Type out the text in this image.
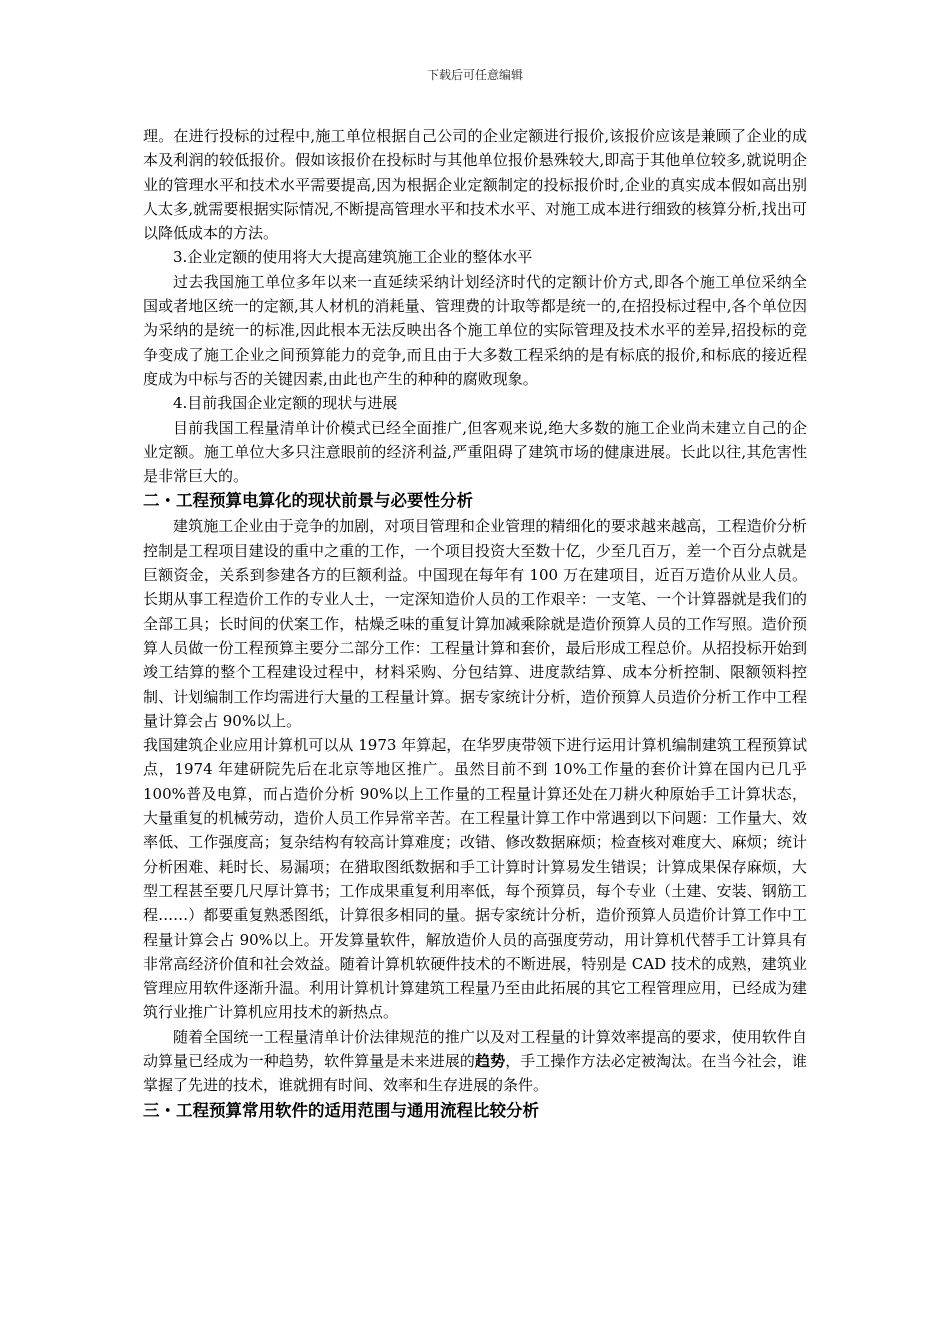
下载后可任意编辑

理。在进行投标的过程中,施工单位根据自己公司的企业定额进行报价,该报价应该是兼顾了企业的成本及利润的较低报价。假如该报价在投标时与其他单位报价悬殊较大,即高于其他单位较多,就说明企业的管理水平和技术水平需要提高,因为根据企业定额制定的投标报价时,企业的真实成本假如高出别人太多,就需要根据实际情况,不断提高管理水平和技术水平、对施工成本进行细致的核算分析,找出可以降低成本的方法。

3.企业定额的使用将大大提高建筑施工企业的整体水平

过去我国施工单位多年以来一直延续采纳计划经济时代的定额计价方式,即各个施工单位采纳全国或者地区统一的定额,其人材机的消耗量、管理费的计取等都是统一的,在招投标过程中,各个单位因为采纳的是统一的标准,因此根本无法反映出各个施工单位的实际管理及技术水平的差异,招投标的竞争变成了施工企业之间预算能力的竞争,而且由于大多数工程采纳的是有标底的报价,和标底的接近程度成为中标与否的关键因素,由此也产生的种种的腐败现象。

4.目前我国企业定额的现状与进展

目前我国工程量清单计价模式已经全面推广,但客观来说,绝大多数的施工企业尚未建立自己的企业定额。施工单位大多只注意眼前的经济利益,严重阻碍了建筑市场的健康进展。长此以往,其危害性是非常巨大的。

二・工程预算电算化的现状前景与必要性分析

建筑施工企业由于竞争的加剧，对项目管理和企业管理的精细化的要求越来越高，工程造价分析控制是工程项目建设的重中之重的工作，一个项目投资大至数十亿，少至几百万，差一个百分点就是巨额资金，关系到参建各方的巨额利益。中国现在每年有 100 万在建项目，近百万造价从业人员。长期从事工程造价工作的专业人士，一定深知造价人员的工作艰辛：一支笔、一个计算器就是我们的全部工具；长时间的伏案工作，枯燥乏味的重复计算加减乘除就是造价预算人员的工作写照。造价预算人员做一份工程预算主要分二部分工作：工程量计算和套价，最后形成工程总价。从招投标开始到竣工结算的整个工程建设过程中，材料采购、分包结算、进度款结算、成本分析控制、限额领料控制、计划编制工作均需进行大量的工程量计算。据专家统计分析，造价预算人员造价分析工作中工程量计算会占 90%以上。

我国建筑企业应用计算机可以从 1973 年算起，在华罗庚带领下进行运用计算机编制建筑工程预算试点，1974 年建研院先后在北京等地区推广。虽然目前不到 10%工作量的套价计算在国内已几乎 100%普及电算，而占造价分析 90%以上工作量的工程量计算还处在刀耕火种原始手工计算状态，大量重复的机械劳动，造价人员工作异常辛苦。在工程量计算工作中常遇到以下问题：工作量大、效率低、工作强度高；复杂结构有较高计算难度；改错、修改数据麻烦；检查核对难度大、麻烦；统计分析困难、耗时长、易漏项；在猎取图纸数据和手工计算时计算易发生错误；计算成果保存麻烦，大型工程甚至要几尺厚计算书；工作成果重复利用率低，每个预算员，每个专业（土建、安装、钢筋工程……）都要重复熟悉图纸，计算很多相同的量。据专家统计分析，造价预算人员造价计算工作中工程量计算会占 90%以上。开发算量软件，解放造价人员的高强度劳动，用计算机代替手工计算具有非常高经济价值和社会效益。随着计算机软硬件技术的不断进展，特别是 CAD 技术的成熟，建筑业管理应用软件逐渐升温。利用计算机计算建筑工程量乃至由此拓展的其它工程管理应用，已经成为建筑行业推广计算机应用技术的新热点。

随着全国统一工程量清单计价法律规范的推广以及对工程量的计算效率提高的要求，使用软件自动算量已经成为一种趋势，软件算量是未来进展的趋势，手工操作方法必定被淘汰。在当今社会，谁掌握了先进的技术，谁就拥有时间、效率和生存进展的条件。

三・工程预算常用软件的适用范围与通用流程比较分析
